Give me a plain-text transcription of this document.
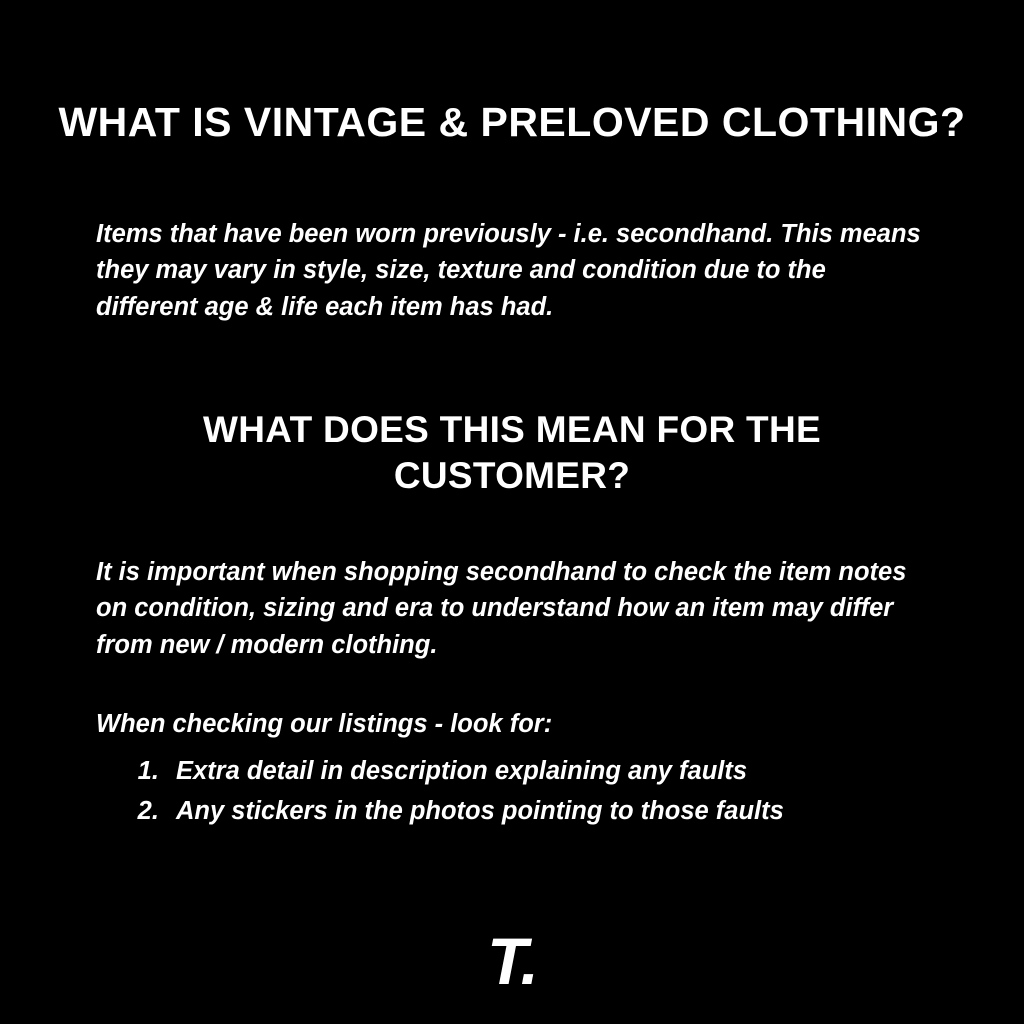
WHAT IS VINTAGE & PRELOVED CLOTHING?

Items that have been worn previously - i.e. secondhand. This means they may vary in style, size, texture and condition due to the different age & life each item has had.

WHAT DOES THIS MEAN FOR THE CUSTOMER?

It is important when shopping secondhand to check the item notes on condition, sizing and era to understand how an item may differ from new / modern clothing.

When checking our listings - look for:

1. Extra detail in description explaining any faults
2. Any stickers in the photos pointing to those faults
T.
